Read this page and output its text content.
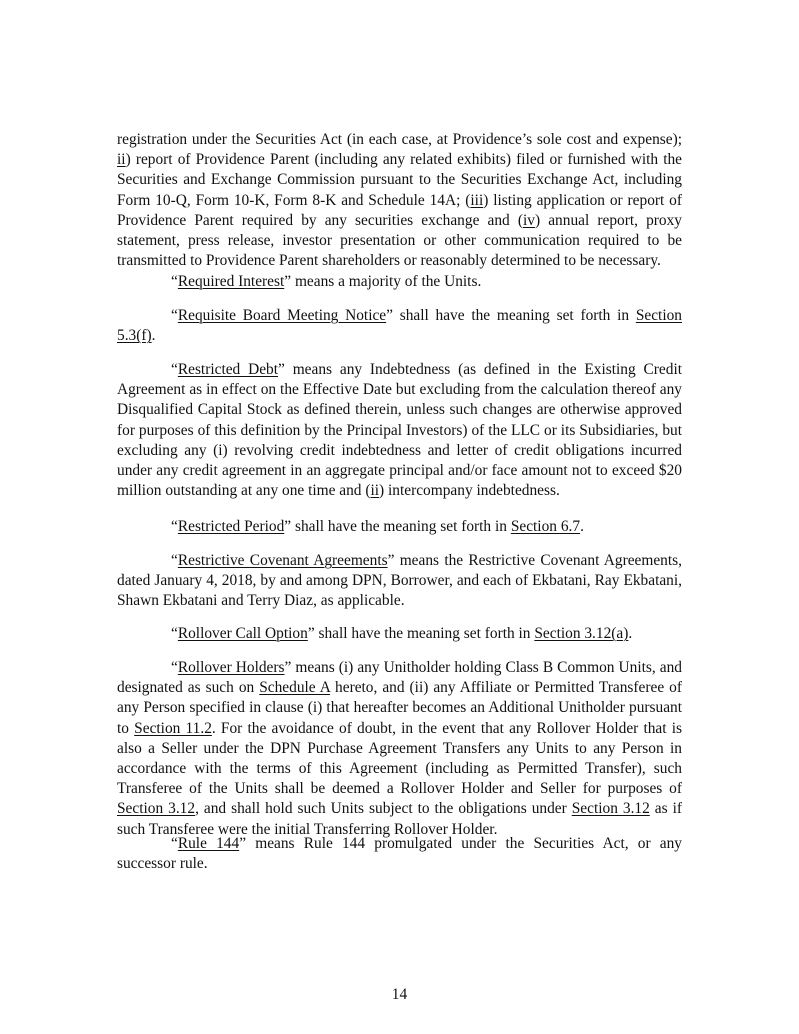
registration under the Securities Act (in each case, at Providence’s sole cost and expense); ii) report of Providence Parent (including any related exhibits) filed or furnished with the Securities and Exchange Commission pursuant to the Securities Exchange Act, including Form 10-Q, Form 10-K, Form 8-K and Schedule 14A; (iii) listing application or report of Providence Parent required by any securities exchange and (iv) annual report, proxy statement, press release, investor presentation or other communication required to be transmitted to Providence Parent shareholders or reasonably determined to be necessary.

“Required Interest” means a majority of the Units.

“Requisite Board Meeting Notice” shall have the meaning set forth in Section 5.3(f).

“Restricted Debt” means any Indebtedness (as defined in the Existing Credit Agreement as in effect on the Effective Date but excluding from the calculation thereof any Disqualified Capital Stock as defined therein, unless such changes are otherwise approved for purposes of this definition by the Principal Investors) of the LLC or its Subsidiaries, but excluding any (i) revolving credit indebtedness and letter of credit obligations incurred under any credit agreement in an aggregate principal and/or face amount not to exceed $20 million outstanding at any one time and (ii) intercompany indebtedness.

“Restricted Period” shall have the meaning set forth in Section 6.7.

“Restrictive Covenant Agreements” means the Restrictive Covenant Agreements, dated January 4, 2018, by and among DPN, Borrower, and each of Ekbatani, Ray Ekbatani, Shawn Ekbatani and Terry Diaz, as applicable.

“Rollover Call Option” shall have the meaning set forth in Section 3.12(a).

“Rollover Holders” means (i) any Unitholder holding Class B Common Units, and designated as such on Schedule A hereto, and (ii) any Affiliate or Permitted Transferee of any Person specified in clause (i) that hereafter becomes an Additional Unitholder pursuant to Section 11.2. For the avoidance of doubt, in the event that any Rollover Holder that is also a Seller under the DPN Purchase Agreement Transfers any Units to any Person in accordance with the terms of this Agreement (including as Permitted Transfer), such Transferee of the Units shall be deemed a Rollover Holder and Seller for purposes of Section 3.12, and shall hold such Units subject to the obligations under Section 3.12 as if such Transferee were the initial Transferring Rollover Holder.

“Rule 144” means Rule 144 promulgated under the Securities Act, or any successor rule.

14
